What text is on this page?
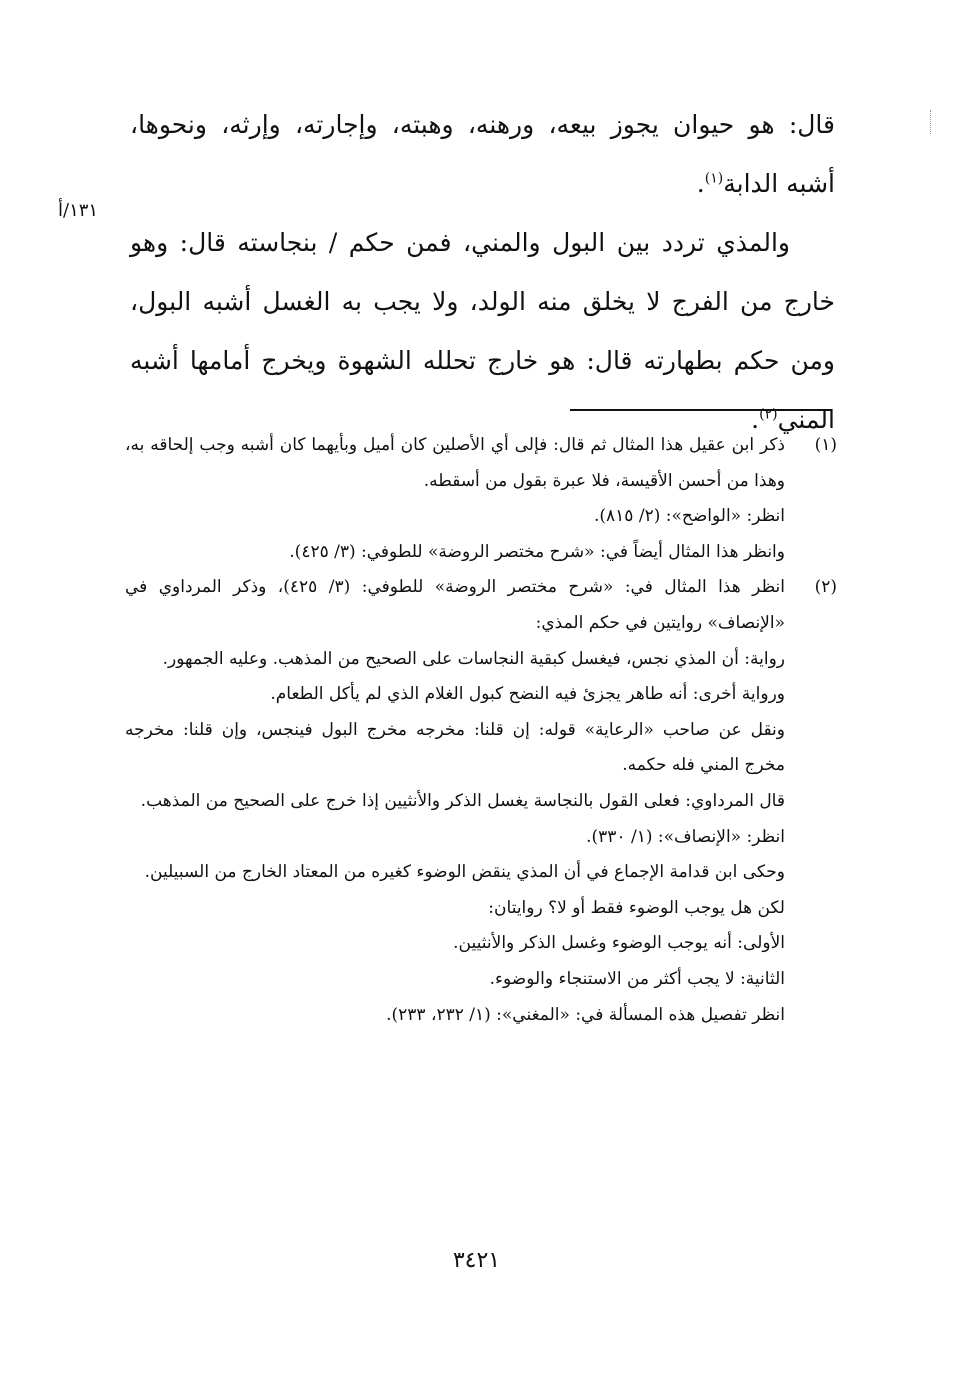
قال: هو حيوان يجوز بيعه، ورهنه، وهبته، وإجارته، وإرثه، ونحوها، أشبه الدابة$^{(١)}$.

والمذي تردد بين البول والمني، فمن حكم / بنجاسته قال: وهو خارج من الفرج لا يخلق منه الولد، ولا يجب به الغسل أشبه البول، ومن حكم بطهارته قال: هو خارج تحلله الشهوة ويخرج أمامها أشبه المني$^{(٢)}$.

١٣١/أ
(١)

ذكر ابن عقيل هذا المثال ثم قال: فإلى أي الأصلين كان أميل وبأيهما كان أشبه وجب إلحاقه به، وهذا من أحسن الأقيسة، فلا عبرة بقول من أسقطه.

انظر: «الواضح»: (٢/ ٨١٥).

وانظر هذا المثال أيضاً في: «شرح مختصر الروضة» للطوفي: (٣/ ٤٢٥).

(٢)

انظر هذا المثال في: «شرح مختصر الروضة» للطوفي: (٣/ ٤٢٥)، وذكر المرداوي في «الإنصاف» روايتين في حكم المذي:

رواية: أن المذي نجس، فيغسل كبقية النجاسات على الصحيح من المذهب. وعليه الجمهور.

ورواية أخرى: أنه طاهر يجزئ فيه النضح كبول الغلام الذي لم يأكل الطعام.

ونقل عن صاحب «الرعاية» قوله: إن قلنا: مخرجه مخرج البول فينجس، وإن قلنا: مخرجه مخرج المني فله حكمه.

قال المرداوي: فعلى القول بالنجاسة يغسل الذكر والأنثيين إذا خرج على الصحيح من المذهب.

انظر: «الإنصاف»: (١/ ٣٣٠).

وحكى ابن قدامة الإجماع في أن المذي ينقض الوضوء كغيره من المعتاد الخارج من السبيلين.

لكن هل يوجب الوضوء فقط أو لا؟ روايتان:

الأولى: أنه يوجب الوضوء وغسل الذكر والأنثيين.

الثانية: لا يجب أكثر من الاستنجاء والوضوء.

انظر تفصيل هذه المسألة في: «المغني»: (١/ ٢٣٢، ٢٣٣).

٣٤٢١
